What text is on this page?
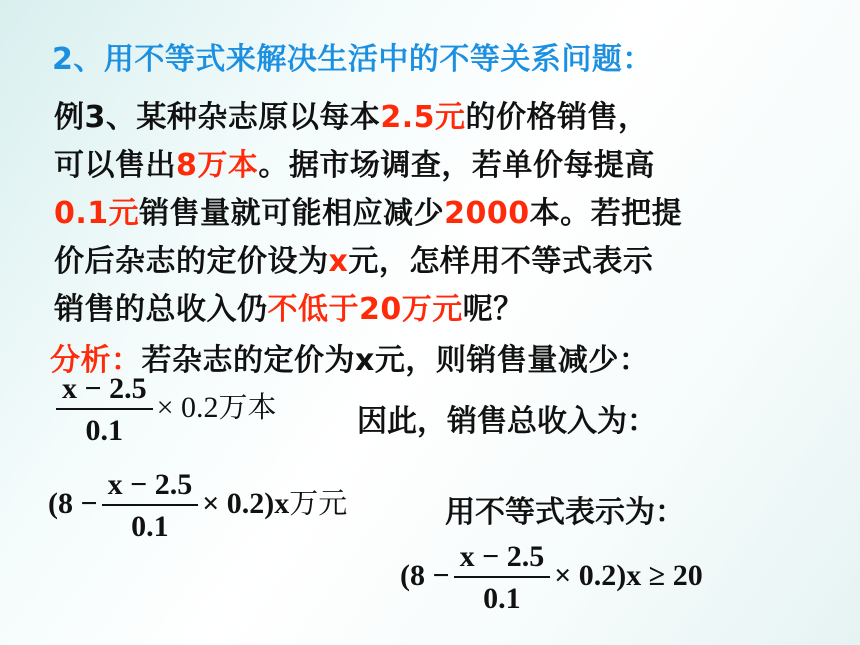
2、用不等式来解决生活中的不等关系问题：
例3、某种杂志原以每本2.5元的价格销售，
可以售出8万本。据市场调查，若单价每提高
0.1元销售量就可能相应减少2000本。若把提
价后杂志的定价设为x元，怎样用不等式表示
销售的总收入仍不低于20万元呢？
分析：若杂志的定价为x元，则销售量减少：
$\frac{x - 2.5}{0.1} \times 0.2$万本	因此，销售总收入为：
$(8 - \frac{x - 2.5}{0.1} \times 0.2)x$万元	用不等式表示为：
$(8 - \frac{x - 2.5}{0.1} \times 0.2)x \ge 20$
